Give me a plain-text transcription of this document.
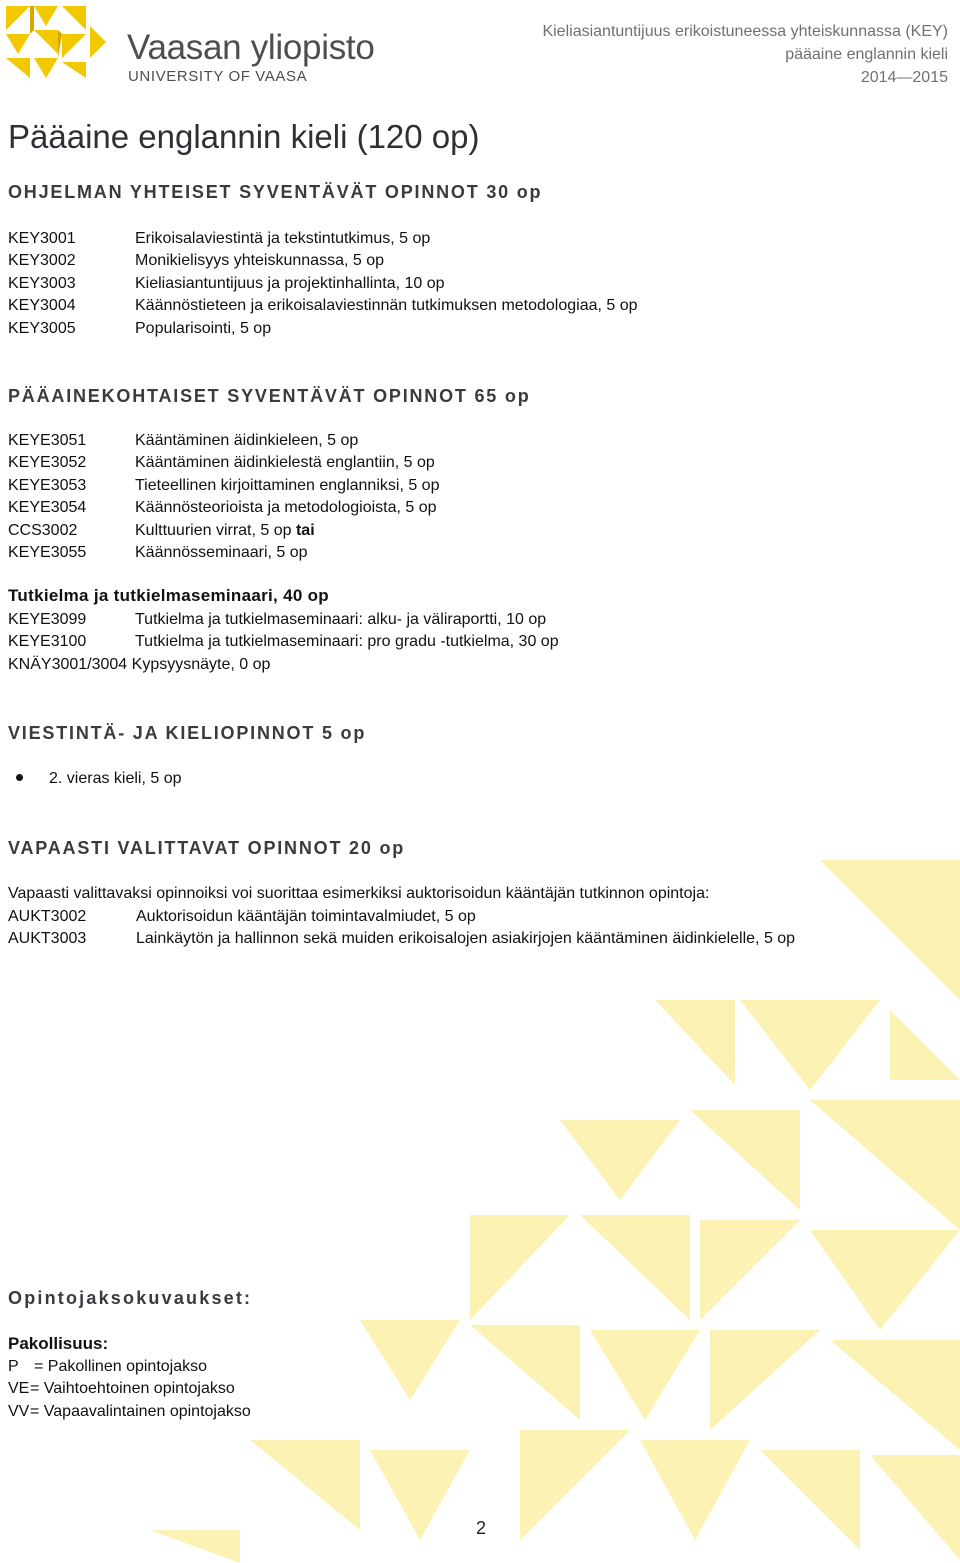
Vaasan yliopisto
UNIVERSITY OF VAASA
Kieliasiantuntijuus erikoistuneessa yhteiskunnassa (KEY)
pääaine englannin kieli
2014—2015
Pääaine englannin kieli (120 op)
OHJELMAN YHTEISET SYVENTÄVÄT OPINNOT 30 op
KEY3001	Erikoisalaviestintä ja tekstintutkimus, 5 op
KEY3002	Monikielisyys yhteiskunnassa, 5 op
KEY3003	Kieliasiantuntijuus ja projektinhallinta, 10 op
KEY3004	Käännöstieteen ja erikoisalaviestinnän tutkimuksen metodologiaa, 5 op
KEY3005	Popularisointi, 5 op
PÄÄAINEKOHTAISET SYVENTÄVÄT OPINNOT 65 op
KEYE3051	Kääntäminen äidinkieleen, 5 op
KEYE3052	Kääntäminen äidinkielestä englantiin, 5 op
KEYE3053	Tieteellinen kirjoittaminen englanniksi, 5 op
KEYE3054	Käännösteorioista ja metodologioista, 5 op
CCS3002	Kulttuurien virrat, 5 op tai
KEYE3055	Käännösseminaari, 5 op
Tutkielma ja tutkielmaseminaari, 40 op
KEYE3099	Tutkielma ja tutkielmaseminaari: alku- ja väliraportti, 10 op
KEYE3100	Tutkielma ja tutkielmaseminaari: pro gradu -tutkielma, 30 op
KNÄY3001/3004 Kypsyysnäyte, 0 op
VIESTINTÄ- JA KIELIOPINNOT 5 op
2. vieras kieli, 5 op
VAPAASTI VALITTAVAT OPINNOT 20 op
Vapaasti valittavaksi opinnoiksi voi suorittaa esimerkiksi auktorisoidun kääntäjän tutkinnon opintoja:
AUKT3002	Auktorisoidun kääntäjän toimintavalmiudet, 5 op
AUKT3003	Lainkäytön ja hallinnon sekä muiden erikoisalojen asiakirjojen kääntäminen äidinkielelle, 5 op
Opintojaksokuvaukset:
Pakollisuus:
P = Pakollinen opintojakso
VE= Vaihtoehtoinen opintojakso
VV= Vapaavalintainen opintojakso
2
